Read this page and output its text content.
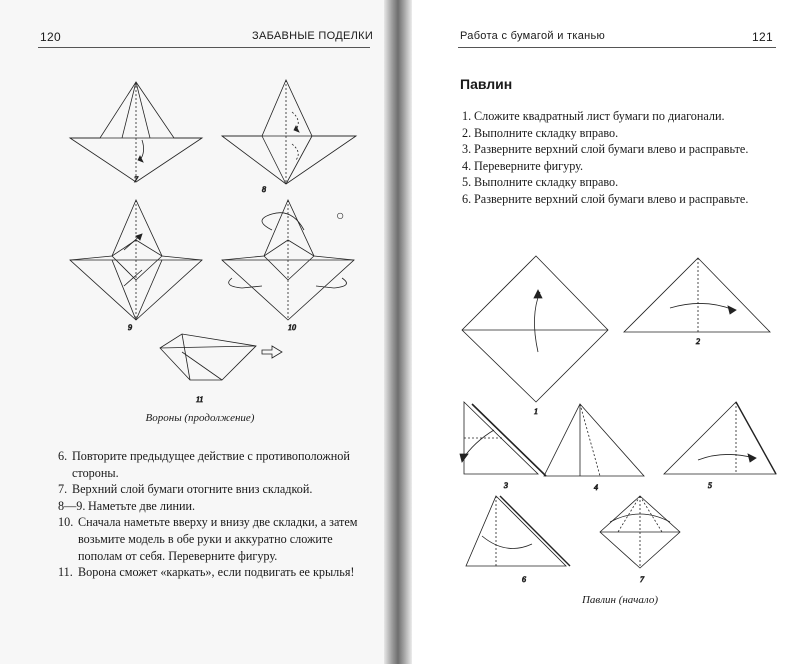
120	ЗАБАВНЫЕ ПОДЕЛКИ
7
8
9
○
10
11
Вороны (продолжение)
6. Повторите предыдущее действие с противоположной стороны.
7. Верхний слой бумаги отогните вниз складкой.
8—9. Наметьте две линии.
10. Сначала наметьте вверху и внизу две складки, а затем возьмите модель в обе руки и аккуратно сложите пополам от себя. Переверните фигуру.
11. Ворона сможет «каркать», если подвигать ее крылья!
Работа с бумагой и тканью	121
Павлин
1. Сложите квадратный лист бумаги по диагонали.
2. Выполните складку вправо.
3. Разверните верхний слой бумаги влево и расправьте.
4. Переверните фигуру.
5. Выполните складку вправо.
6. Разверните верхний слой бумаги влево и расправьте.
1
2
3	4	5
6	7
Павлин (начало)
